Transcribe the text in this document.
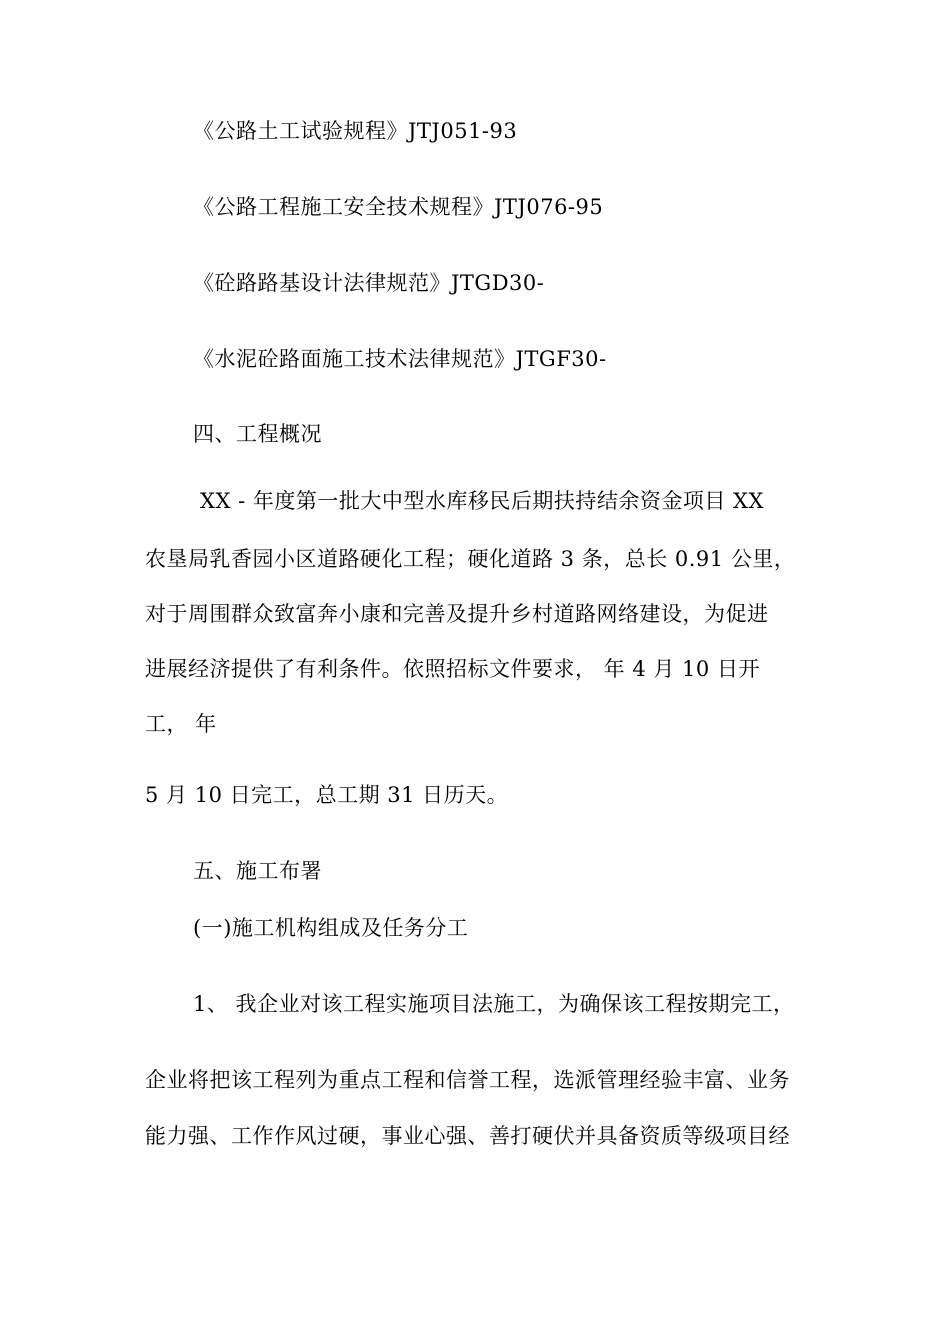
《公路土工试验规程》JTJ051-93
《公路工程施工安全技术规程》JTJ076-95
《砼路路基设计法律规范》JTGD30-
《水泥砼路面施工技术法律规范》JTGF30-
四、工程概况
XX - 年度第一批大中型水库移民后期扶持结余资金项目 XX
农垦局乳香园小区道路硬化工程；硬化道路 3 条，总长 0.91 公里，
对于周围群众致富奔小康和完善及提升乡村道路网络建设，为促进
进展经济提供了有利条件。依照招标文件要求， 年 4 月 10 日开
工， 年
5 月 10 日完工，总工期 31 日历天。
五、施工布署
(一)施工机构组成及任务分工
1、 我企业对该工程实施项目法施工，为确保该工程按期完工，
企业将把该工程列为重点工程和信誉工程，选派管理经验丰富、业务
能力强、工作作风过硬，事业心强、善打硬伏并具备资质等级项目经
